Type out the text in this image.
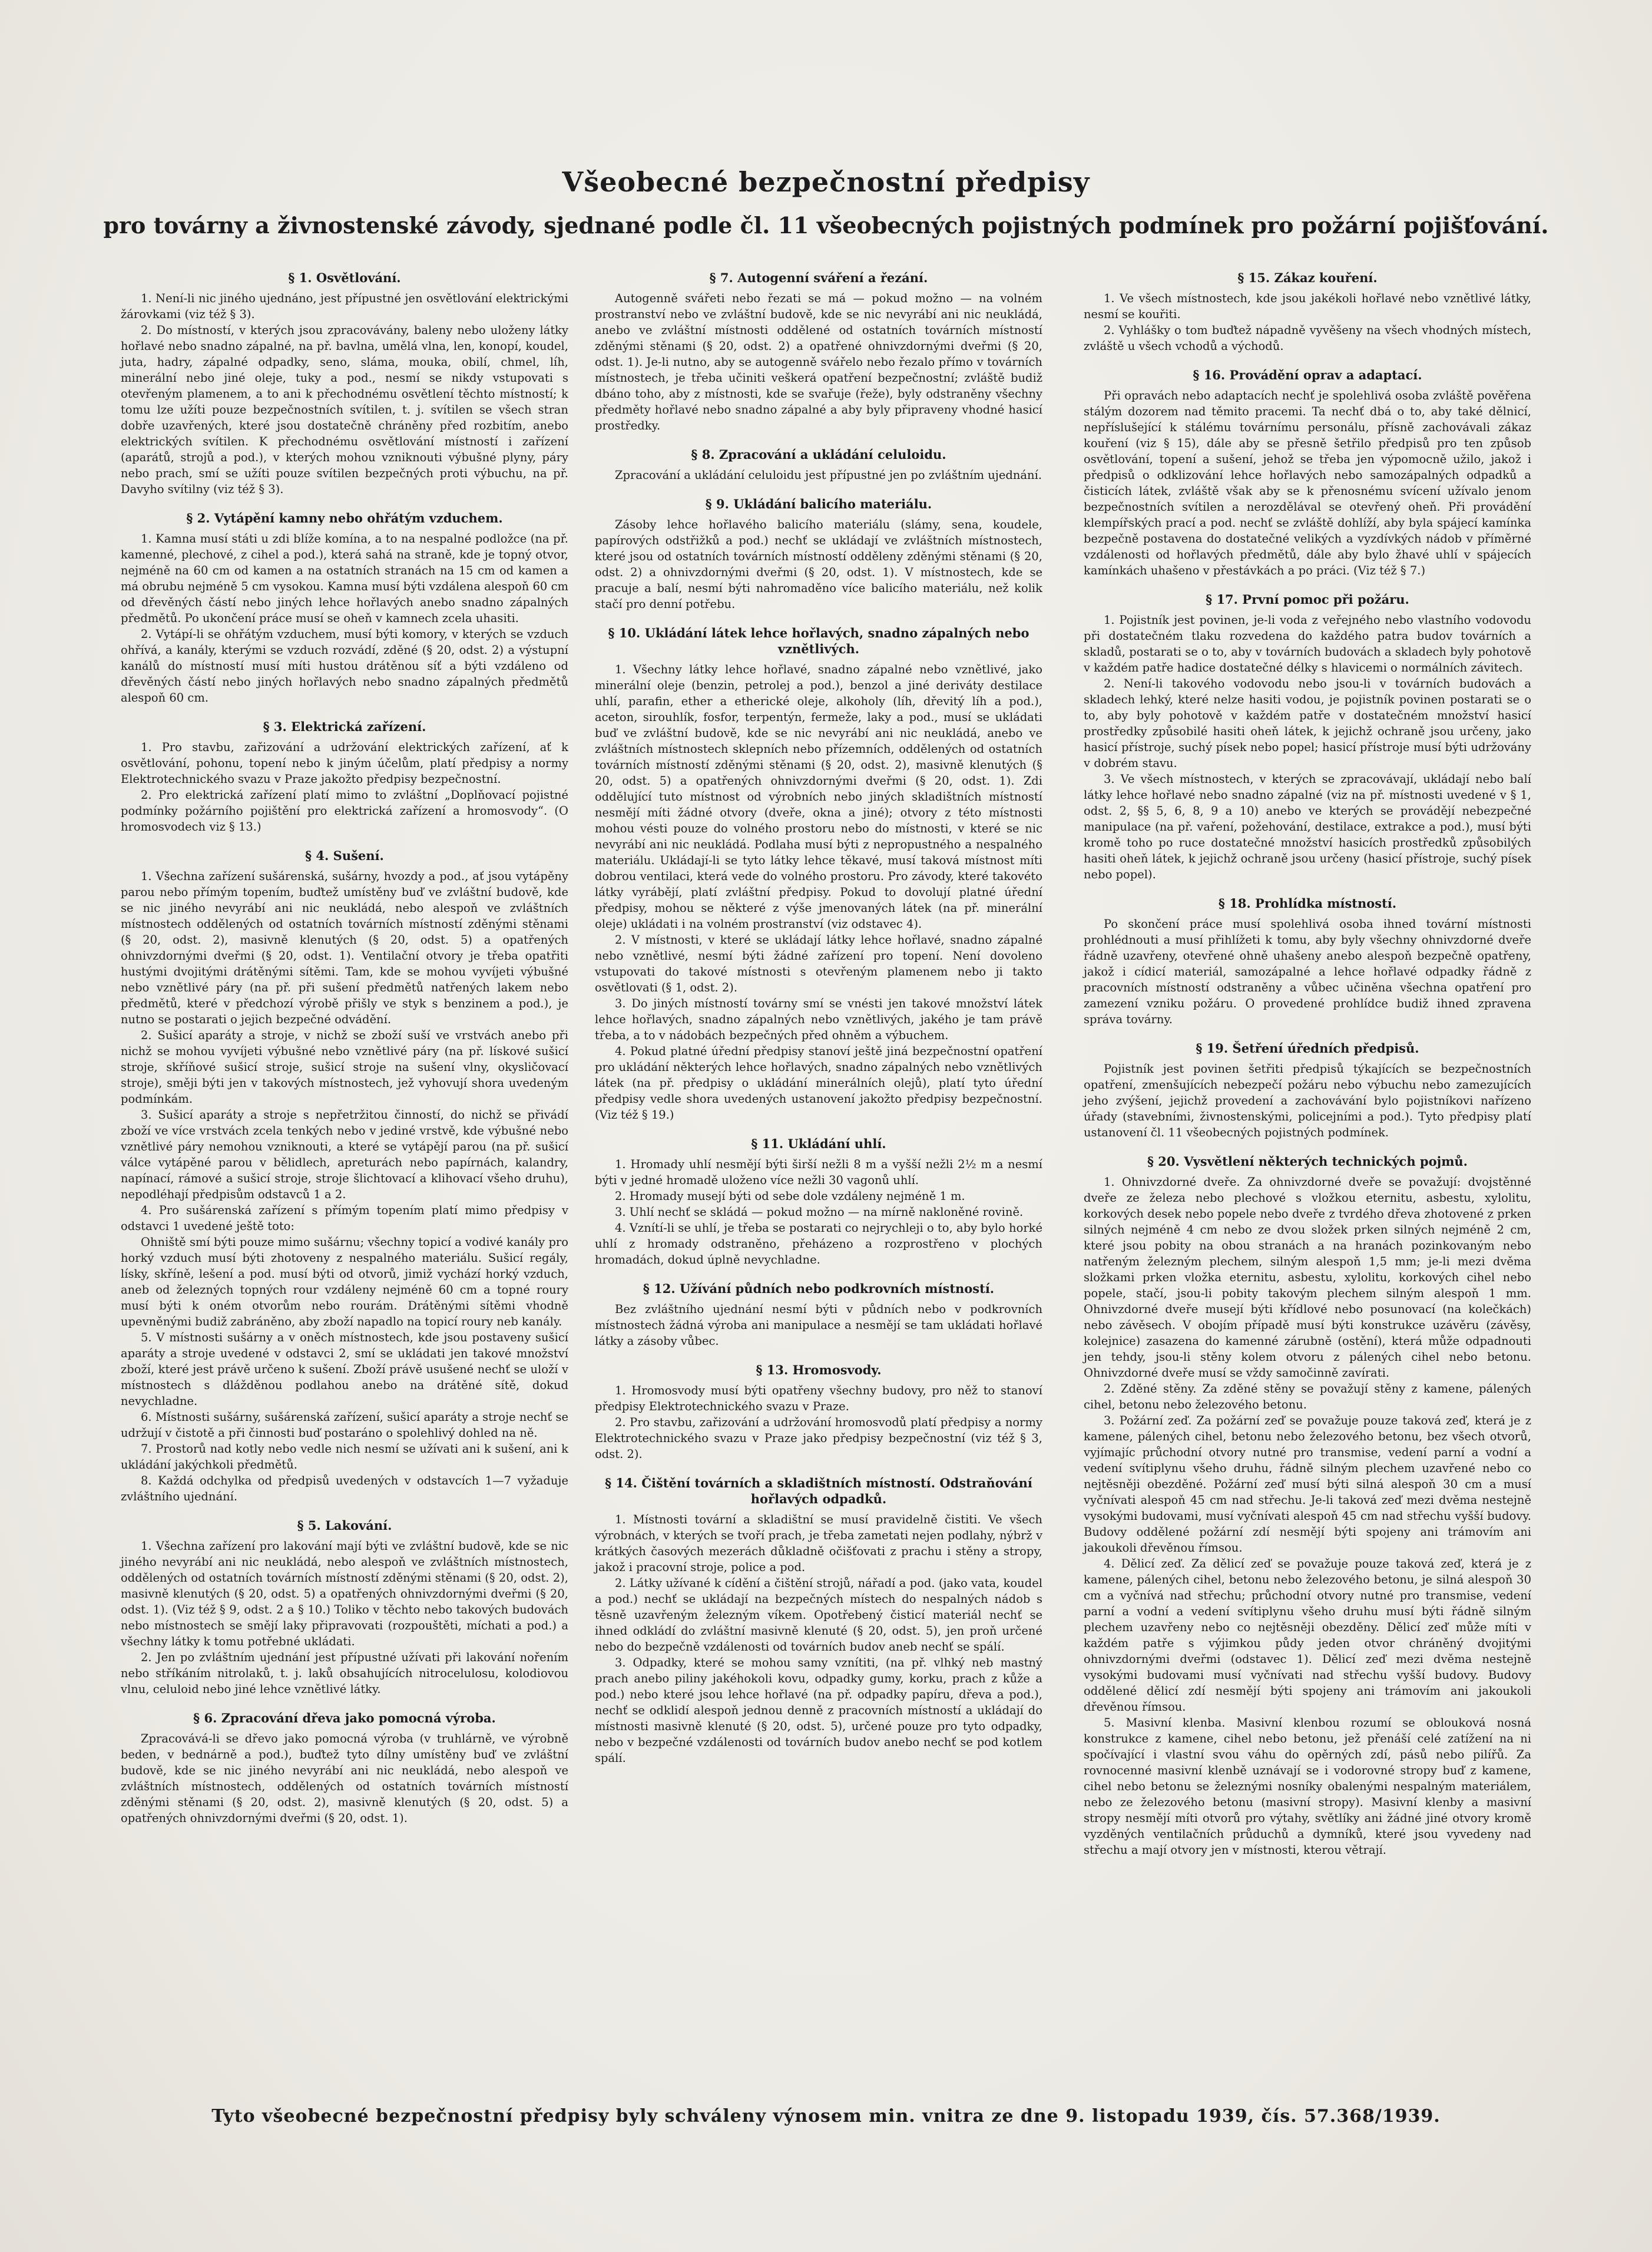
Všeobecné bezpečnostní předpisy
pro továrny a živnostenské závody, sjednané podle čl. 11 všeobecných pojistných podmínek pro požární pojišťování.
§ 1. Osvětlování.

1. Není-li nic jiného ujednáno, jest přípustné jen osvětlování elektrickými žárovkami (viz též § 3).

2. Do místností, v kterých jsou zpracovávány, baleny nebo uloženy látky hořlavé nebo snadno zápalné, na př. bavlna, umělá vlna, len, konopí, koudel, juta, hadry, zápalné odpadky, seno, sláma, mouka, obilí, chmel, líh, minerální nebo jiné oleje, tuky a pod., nesmí se nikdy vstupovati s otevřeným plamenem, a to ani k přechodnému osvětlení těchto místností; k tomu lze užíti pouze bezpečnostních svítilen, t. j. svítilen se všech stran dobře uzavřených, které jsou dostatečně chráněny před rozbitím, anebo elektrických svítilen. K přechodnému osvětlování místností i zařízení (aparátů, strojů a pod.), v kterých mohou vzniknouti výbušné plyny, páry nebo prach, smí se užíti pouze svítilen bezpečných proti výbuchu, na př. Davyho svítilny (viz též § 3).

§ 2. Vytápění kamny nebo ohřátým vzduchem.

1. Kamna musí státi u zdi blíže komína, a to na nespalné podložce (na př. kamenné, plechové, z cihel a pod.), která sahá na straně, kde je topný otvor, nejméně na 60 cm od kamen a na ostatních stranách na 15 cm od kamen a má obrubu nejméně 5 cm vysokou. Kamna musí býti vzdálena alespoň 60 cm od dřevěných částí nebo jiných lehce hořlavých anebo snadno zápalných předmětů. Po ukončení práce musí se oheň v kamnech zcela uhasiti.

2. Vytápí-li se ohřátým vzduchem, musí býti komory, v kterých se vzduch ohřívá, a kanály, kterými se vzduch rozvádí, zděné (§ 20, odst. 2) a výstupní kanálů do místností musí míti hustou drátěnou síť a býti vzdáleno od dřevěných částí nebo jiných hořlavých nebo snadno zápalných předmětů alespoň 60 cm.

§ 3. Elektrická zařízení.

1. Pro stavbu, zařizování a udržování elektrických zařízení, ať k osvětlování, pohonu, topení nebo k jiným účelům, platí předpisy a normy Elektrotechnického svazu v Praze jakožto předpisy bezpečnostní.

2. Pro elektrická zařízení platí mimo to zvláštní „Doplňovací pojistné podmínky požárního pojištění pro elektrická zařízení a hromosvody“. (O hromosvodech viz § 13.)

§ 4. Sušení.

1. Všechna zařízení sušárenská, sušárny, hvozdy a pod., ať jsou vytápěny parou nebo přímým topením, buďtež umístěny buď ve zvláštní budově, kde se nic jiného nevyrábí ani nic neukládá, nebo alespoň ve zvláštních místnostech oddělených od ostatních továrních místností zděnými stěnami (§ 20, odst. 2), masivně klenutých (§ 20, odst. 5) a opatřených ohnivzdornými dveřmi (§ 20, odst. 1). Ventilační otvory je třeba opatřiti hustými dvojitými drátěnými sítěmi. Tam, kde se mohou vyvíjeti výbušné nebo vznětlivé páry (na př. při sušení předmětů natřených lakem nebo předmětů, které v předchozí výrobě přišly ve styk s benzinem a pod.), je nutno se postarati o jejich bezpečné odvádění.

2. Sušicí aparáty a stroje, v nichž se zboží suší ve vrstvách anebo při nichž se mohou vyvíjeti výbušné nebo vznětlivé páry (na př. lískové sušicí stroje, skříňové sušicí stroje, sušicí stroje na sušení vlny, okysličovací stroje), směji býti jen v takových místnostech, jež vyhovují shora uvedeným podmínkám.

3. Sušicí aparáty a stroje s nepřetržitou činností, do nichž se přivádí zboží ve více vrstvách zcela tenkých nebo v jediné vrstvě, kde výbušné nebo vznětlivé páry nemohou vzniknouti, a které se vytápějí parou (na př. sušicí válce vytápěné parou v bělidlech, apreturách nebo papírnách, kalandry, napínací, rámové a sušicí stroje, stroje šlichtovací a klihovací všeho druhu), nepodléhají předpisům odstavců 1 a 2.

4. Pro sušárenská zařízení s přímým topením platí mimo předpisy v odstavci 1 uvedené ještě toto:

Ohniště smí býti pouze mimo sušárnu; všechny topicí a vodivé kanály pro horký vzduch musí býti zhotoveny z nespalného materiálu. Sušicí regály, lísky, skříně, lešení a pod. musí býti od otvorů, jimiž vychází horký vzduch, aneb od železných topných rour vzdáleny nejméně 60 cm a topné roury musí býti k oném otvorům nebo rourám. Drátěnými sítěmi vhodně upevněnými budiž zabráněno, aby zboží napadlo na topicí roury neb kanály.

5. V místnosti sušárny a v oněch místnostech, kde jsou postaveny sušicí aparáty a stroje uvedené v odstavci 2, smí se ukládati jen takové množství zboží, které jest právě určeno k sušení. Zboží právě usušené nechť se uloží v místnostech s dlážděnou podlahou anebo na drátěné sítě, dokud nevychladne.

6. Místnosti sušárny, sušárenská zařízení, sušicí aparáty a stroje nechť se udržují v čistotě a při činnosti buď postaráno o spolehlivý dohled na ně.

7. Prostorů nad kotly nebo vedle nich nesmí se užívati ani k sušení, ani k ukládání jakýchkoli předmětů.

8. Každá odchylka od předpisů uvedených v odstavcích 1—7 vyžaduje zvláštního ujednání.

§ 5. Lakování.

1. Všechna zařízení pro lakování mají býti ve zvláštní budově, kde se nic jiného nevyrábí ani nic neukládá, nebo alespoň ve zvláštních místnostech, oddělených od ostatních továrních místností zděnými stěnami (§ 20, odst. 2), masivně klenutých (§ 20, odst. 5) a opatřených ohnivzdornými dveřmi (§ 20, odst. 1). (Viz též § 9, odst. 2 a § 10.) Toliko v těchto nebo takových budovách nebo místnostech se smějí laky připravovati (rozpouštěti, míchati a pod.) a všechny látky k tomu potřebné ukládati.

2. Jen po zvláštním ujednání jest přípustné užívati při lakování nořením nebo stříkáním nitrolaků, t. j. laků obsahujících nitrocelulosu, kolodiovou vlnu, celuloid nebo jiné lehce vznětlivé látky.

§ 6. Zpracování dřeva jako pomocná výroba.

Zpracovává-li se dřevo jako pomocná výroba (v truhlárně, ve výrobně beden, v bednárně a pod.), buďtež tyto dílny umístěny buď ve zvláštní budově, kde se nic jiného nevyrábí ani nic neukládá, nebo alespoň ve zvláštních místnostech, oddělených od ostatních továrních místností zděnými stěnami (§ 20, odst. 2), masivně klenutých (§ 20, odst. 5) a opatřených ohnivzdornými dveřmi (§ 20, odst. 1).

§ 7. Autogenní sváření a řezání.

Autogenně svářeti nebo řezati se má — pokud možno — na volném prostranství nebo ve zvláštní budově, kde se nic nevyrábí ani nic neukládá, anebo ve zvláštní místnosti oddělené od ostatních továrních místností zděnými stěnami (§ 20, odst. 2) a opatřené ohnivzdornými dveřmi (§ 20, odst. 1). Je-li nutno, aby se autogenně svářelo nebo řezalo přímo v továrních místnostech, je třeba učiniti veškerá opatření bezpečnostní; zvláště budiž dbáno toho, aby z místnosti, kde se svařuje (řeže), byly odstraněny všechny předměty hořlavé nebo snadno zápalné a aby byly připraveny vhodné hasicí prostředky.

§ 8. Zpracování a ukládání celuloidu.

Zpracování a ukládání celuloidu jest přípustné jen po zvláštním ujednání.

§ 9. Ukládání balicího materiálu.

Zásoby lehce hořlavého balicího materiálu (slámy, sena, koudele, papírových odstřižků a pod.) nechť se ukládají ve zvláštních místnostech, které jsou od ostatních továrních místností odděleny zděnými stěnami (§ 20, odst. 2) a ohnivzdornými dveřmi (§ 20, odst. 1). V místnostech, kde se pracuje a balí, nesmí býti nahromaděno více balicího materiálu, než kolik stačí pro denní potřebu.

§ 10. Ukládání látek lehce hořlavých, snadno zápalných nebo vznětlivých.

1. Všechny látky lehce hořlavé, snadno zápalné nebo vznětlivé, jako minerální oleje (benzin, petrolej a pod.), benzol a jiné deriváty destilace uhlí, parafin, ether a etherické oleje, alkoholy (líh, dřevitý líh a pod.), aceton, sirouhlík, fosfor, terpentýn, fermeže, laky a pod., musí se ukládati buď ve zvláštní budově, kde se nic nevyrábí ani nic neukládá, anebo ve zvláštních místnostech sklepních nebo přízemních, oddělených od ostatních továrních místností zděnými stěnami (§ 20, odst. 2), masivně klenutých (§ 20, odst. 5) a opatřených ohnivzdornými dveřmi (§ 20, odst. 1). Zdi oddělující tuto místnost od výrobních nebo jiných skladištních místností nesmějí míti žádné otvory (dveře, okna a jiné); otvory z této místnosti mohou vésti pouze do volného prostoru nebo do místnosti, v které se nic nevyrábí ani nic neukládá. Podlaha musí býti z nepropustného a nespalného materiálu. Ukládají-li se tyto látky lehce těkavé, musí taková místnost míti dobrou ventilaci, která vede do volného prostoru. Pro závody, které takovéto látky vyrábějí, platí zvláštní předpisy. Pokud to dovolují platné úřední předpisy, mohou se některé z výše jmenovaných látek (na př. minerální oleje) ukládati i na volném prostranství (viz odstavec 4).

2. V místnosti, v které se ukládají látky lehce hořlavé, snadno zápalné nebo vznětlivé, nesmí býti žádné zařízení pro topení. Není dovoleno vstupovati do takové místnosti s otevřeným plamenem nebo ji takto osvětlovati (§ 1, odst. 2).

3. Do jiných místností továrny smí se vnésti jen takové množství látek lehce hořlavých, snadno zápalných nebo vznětlivých, jakého je tam právě třeba, a to v nádobách bezpečných před ohněm a výbuchem.

4. Pokud platné úřední předpisy stanoví ještě jiná bezpečnostní opatření pro ukládání některých lehce hořlavých, snadno zápalných nebo vznětlivých látek (na př. předpisy o ukládání minerálních olejů), platí tyto úřední předpisy vedle shora uvedených ustanovení jakožto předpisy bezpečnostní. (Viz též § 19.)

§ 11. Ukládání uhlí.

1. Hromady uhlí nesmějí býti širší nežli 8 m a vyšší nežli 2½ m a nesmí býti v jedné hromadě uloženo více nežli 30 vagonů uhlí.

2. Hromady musejí býti od sebe dole vzdáleny nejméně 1 m.

3. Uhlí nechť se skládá — pokud možno — na mírně nakloněné rovině.

4. Vznítí-li se uhlí, je třeba se postarati co nejrychleji o to, aby bylo horké uhlí z hromady odstraněno, přeházeno a rozprostřeno v plochých hromadách, dokud úplně nevychladne.

§ 12. Užívání půdních nebo podkrovních místností.

Bez zvláštního ujednání nesmí býti v půdních nebo v podkrovních místnostech žádná výroba ani manipulace a nesmějí se tam ukládati hořlavé látky a zásoby vůbec.

§ 13. Hromosvody.

1. Hromosvody musí býti opatřeny všechny budovy, pro něž to stanoví předpisy Elektrotechnického svazu v Praze.

2. Pro stavbu, zařizování a udržování hromosvodů platí předpisy a normy Elektrotechnického svazu v Praze jako předpisy bezpečnostní (viz též § 3, odst. 2).

§ 14. Čištění továrních a skladištních místností. Odstraňování hořlavých odpadků.

1. Místnosti tovární a skladištní se musí pravidelně čistiti. Ve všech výrobnách, v kterých se tvoří prach, je třeba zametati nejen podlahy, nýbrž v krátkých časových mezerách důkladně očišťovati z prachu i stěny a stropy, jakož i pracovní stroje, police a pod.

2. Látky užívané k cídění a čištění strojů, nářadí a pod. (jako vata, koudel a pod.) nechť se ukládají na bezpečných místech do nespalných nádob s těsně uzavřeným železným víkem. Opotřebený čisticí materiál nechť se ihned odkládí do zvláštní masivně klenuté (§ 20, odst. 5), jen proň určené nebo do bezpečně vzdálenosti od továrních budov aneb nechť se spálí.

3. Odpadky, které se mohou samy vznítiti, (na př. vlhký neb mastný prach anebo piliny jakéhokoli kovu, odpadky gumy, korku, prach z kůže a pod.) nebo které jsou lehce hořlavé (na př. odpadky papíru, dřeva a pod.), nechť se odklidí alespoň jednou denně z pracovních místností a ukládají do místnosti masivně klenuté (§ 20, odst. 5), určené pouze pro tyto odpadky, nebo v bezpečné vzdálenosti od továrních budov anebo nechť se pod kotlem spálí.

§ 15. Zákaz kouření.

1. Ve všech místnostech, kde jsou jakékoli hořlavé nebo vznětlivé látky, nesmí se kouřiti.

2. Vyhlášky o tom buďtež nápadně vyvěšeny na všech vhodných místech, zvláště u všech vchodů a východů.

§ 16. Provádění oprav a adaptací.

Při opravách nebo adaptacích nechť je spolehlivá osoba zvláště pověřena stálým dozorem nad těmito pracemi. Ta nechť dbá o to, aby také dělnicí, nepříslušející k stálému továrnímu personálu, přísně zachovávali zákaz kouření (viz § 15), dále aby se přesně šetřilo předpisů pro ten způsob osvětlování, topení a sušení, jehož se třeba jen výpomocně užilo, jakož i předpisů o odklizování lehce hořlavých nebo samozápalných odpadků a čisticích látek, zvláště však aby se k přenosnému svícení užívalo jenom bezpečnostních svítilen a nerozdělával se otevřený oheň. Při provádění klempířských prací a pod. nechť se zvláště dohlíží, aby byla spájecí kamínka bezpečně postavena do dostatečné velikých a vyzdívkých nádob v příměrné vzdálenosti od hořlavých předmětů, dále aby bylo žhavé uhlí v spájecích kamínkách uhašeno v přestávkách a po práci. (Viz též § 7.)

§ 17. První pomoc při požáru.

1. Pojistník jest povinen, je-li voda z veřejného nebo vlastního vodovodu při dostatečném tlaku rozvedena do každého patra budov továrních a skladů, postarati se o to, aby v továrních budovách a skladech byly pohotově v každém patře hadice dostatečné délky s hlavicemi o normálních závitech.

2. Není-li takového vodovodu nebo jsou-li v továrních budovách a skladech lehký, které nelze hasiti vodou, je pojistník povinen postarati se o to, aby byly pohotově v každém patře v dostatečném množství hasicí prostředky způsobilé hasiti oheň látek, k jejichž ochraně jsou určeny, jako hasicí přístroje, suchý písek nebo popel; hasicí přístroje musí býti udržovány v dobrém stavu.

3. Ve všech místnostech, v kterých se zpracovávají, ukládají nebo balí látky lehce hořlavé nebo snadno zápalné (viz na př. místnosti uvedené v § 1, odst. 2, §§ 5, 6, 8, 9 a 10) anebo ve kterých se provádějí nebezpečné manipulace (na př. vaření, požehování, destilace, extrakce a pod.), musí býti kromě toho po ruce dostatečné množství hasicích prostředků způsobilých hasiti oheň látek, k jejichž ochraně jsou určeny (hasicí přístroje, suchý písek nebo popel).

§ 18. Prohlídka místností.

Po skončení práce musí spolehlivá osoba ihned tovární místnosti prohlédnouti a musí přihlížeti k tomu, aby byly všechny ohnivzdorné dveře řádně uzavřeny, otevřené ohně uhašeny anebo alespoň bezpečně opatřeny, jakož i cídicí materiál, samozápalné a lehce hořlavé odpadky řádně z pracovních místností odstraněny a vůbec učiněna všechna opatření pro zamezení vzniku požáru. O provedené prohlídce budiž ihned zpravena správa továrny.

§ 19. Šetření úředních předpisů.

Pojistník jest povinen šetřiti předpisů týkajících se bezpečnostních opatření, zmenšujících nebezpečí požáru nebo výbuchu nebo zamezujících jeho zvýšení, jejichž provedení a zachovávání bylo pojistníkovi nařízeno úřady (stavebními, živnostenskými, policejními a pod.). Tyto předpisy platí ustanovení čl. 11 všeobecných pojistných podmínek.

§ 20. Vysvětlení některých technických pojmů.

1. Ohnivzdorné dveře. Za ohnivzdorné dveře se považují: dvojstěnné dveře ze železa nebo plechové s vložkou eternitu, asbestu, xylolitu, korkových desek nebo popele nebo dveře z tvrdého dřeva zhotovené z prken silných nejméně 4 cm nebo ze dvou složek prken silných nejméně 2 cm, které jsou pobity na obou stranách a na hranách pozinkovaným nebo natřeným železným plechem, silným alespoň 1,5 mm; je-li mezi dvěma složkami prken vložka eternitu, asbestu, xylolitu, korkových cihel nebo popele, stačí, jsou-li pobity takovým plechem silným alespoň 1 mm. Ohnivzdorné dveře musejí býti křídlové nebo posunovací (na kolečkách) nebo závěsech. V obojím případě musí býti konstrukce uzávěru (závěsy, kolejnice) zasazena do kamenné zárubně (ostění), která může odpadnouti jen tehdy, jsou-li stěny kolem otvoru z pálených cihel nebo betonu. Ohnivzdorné dveře musí se vždy samočinně zavírati.

2. Zděné stěny. Za zděné stěny se považují stěny z kamene, pálených cihel, betonu nebo železového betonu.

3. Požární zeď. Za požární zeď se považuje pouze taková zeď, která je z kamene, pálených cihel, betonu nebo železového betonu, bez všech otvorů, vyjímajíc průchodní otvory nutné pro transmise, vedení parní a vodní a vedení svítiplynu všeho druhu, řádně silným plechem uzavřené nebo co nejtěsněji obezděné. Požární zeď musí býti silná alespoň 30 cm a musí vyčnívati alespoň 45 cm nad střechu. Je-li taková zeď mezi dvěma nestejně vysokými budovami, musí vyčnívati alespoň 45 cm nad střechu vyšší budovy. Budovy oddělené požární zdí nesmějí býti spojeny ani trámovím ani jakoukoli dřevěnou římsou.

4. Dělicí zeď. Za dělicí zeď se považuje pouze taková zeď, která je z kamene, pálených cihel, betonu nebo železového betonu, je silná alespoň 30 cm a vyčnívá nad střechu; průchodní otvory nutné pro transmise, vedení parní a vodní a vedení svítiplynu všeho druhu musí býti řádně silným plechem uzavřeny nebo co nejtěsněji obezděny. Dělicí zeď může míti v každém patře s výjimkou půdy jeden otvor chráněný dvojitými ohnivzdornými dveřmi (odstavec 1). Dělicí zeď mezi dvěma nestejně vysokými budovami musí vyčnívati nad střechu vyšší budovy. Budovy oddělené dělicí zdí nesmějí býti spojeny ani trámovím ani jakoukoli dřevěnou římsou.

5. Masivní klenba. Masivní klenbou rozumí se oblouková nosná konstrukce z kamene, cihel nebo betonu, jež přenáší celé zatížení na ni spočívající i vlastní svou váhu do opěrných zdí, pásů nebo pilířů. Za rovnocenné masivní klenbě uznávají se i vodorovné stropy buď z kamene, cihel nebo betonu se železnými nosníky obalenými nespalným materiálem, nebo ze železového betonu (masivní stropy). Masivní klenby a masivní stropy nesmějí míti otvorů pro výtahy, světlíky ani žádné jiné otvory kromě vyzděných ventilačních průduchů a dymníků, které jsou vyvedeny nad střechu a mají otvory jen v místnosti, kterou větrají.

Tyto všeobecné bezpečnostní předpisy byly schváleny výnosem min. vnitra ze dne 9. listopadu 1939, čís. 57.368/1939.
